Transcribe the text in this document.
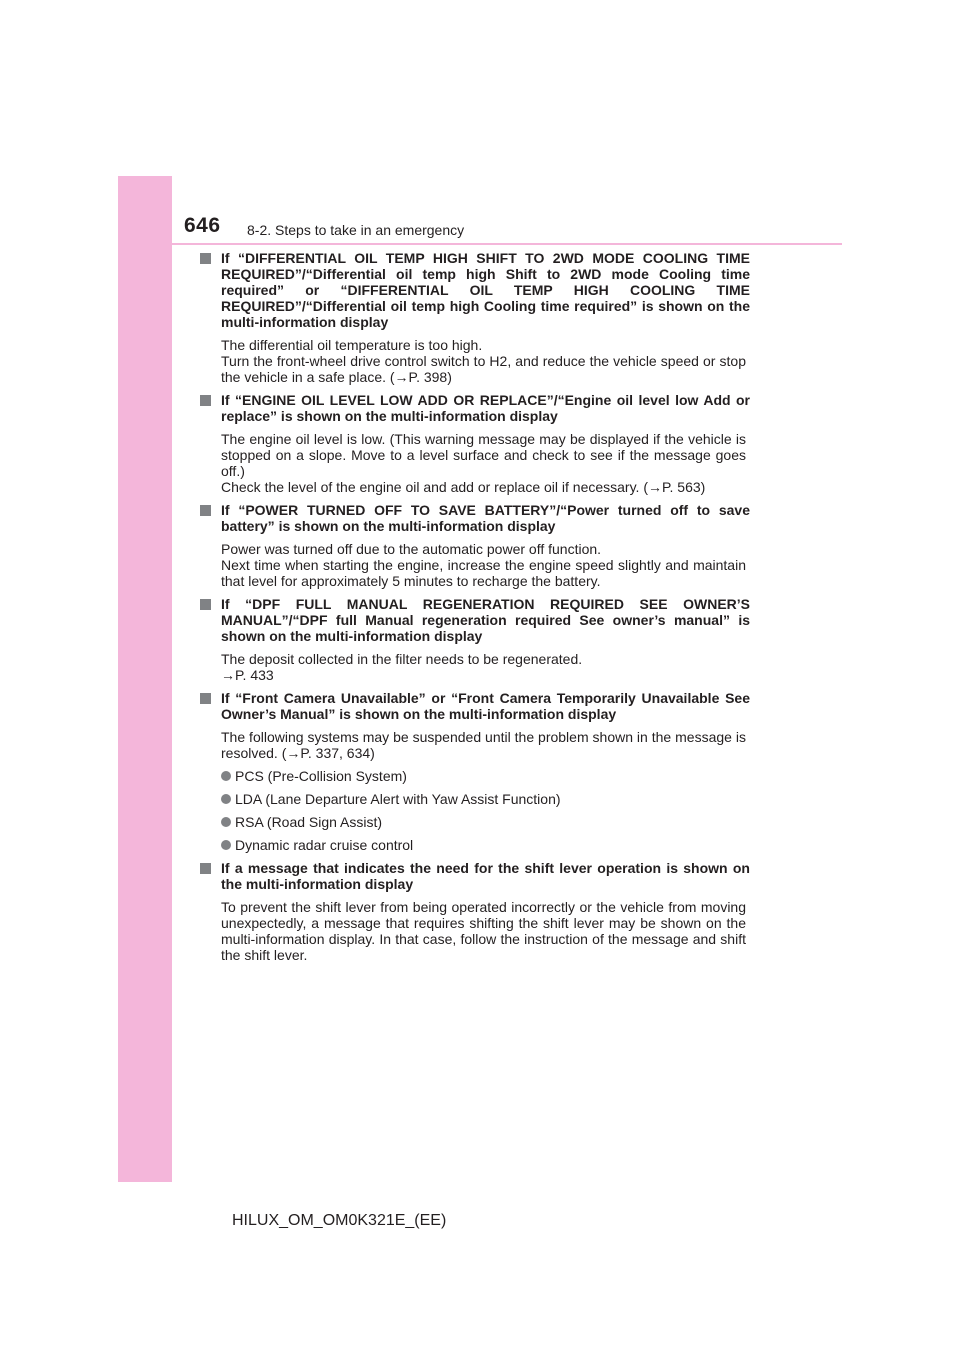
646 8-2. Steps to take in an emergency
If “DIFFERENTIAL OIL TEMP HIGH SHIFT TO 2WD MODE COOLING TIME REQUIRED”/“Differential oil temp high Shift to 2WD mode Cooling time required” or “DIFFERENTIAL OIL TEMP HIGH COOLING TIME REQUIRED”/“Differential oil temp high Cooling time required” is shown on the multi-information display
The differential oil temperature is too high.
Turn the front-wheel drive control switch to H2, and reduce the vehicle speed or stop the vehicle in a safe place. (→P. 398)
If “ENGINE OIL LEVEL LOW ADD OR REPLACE”/“Engine oil level low Add or replace” is shown on the multi-information display
The engine oil level is low. (This warning message may be displayed if the vehicle is stopped on a slope. Move to a level surface and check to see if the message goes off.)
Check the level of the engine oil and add or replace oil if necessary. (→P. 563)
If “POWER TURNED OFF TO SAVE BATTERY”/“Power turned off to save battery” is shown on the multi-information display
Power was turned off due to the automatic power off function.
Next time when starting the engine, increase the engine speed slightly and maintain that level for approximately 5 minutes to recharge the battery.
If “DPF FULL MANUAL REGENERATION REQUIRED SEE OWNER’S MANUAL”/“DPF full Manual regeneration required See owner’s manual” is shown on the multi-information display
The deposit collected in the filter needs to be regenerated.
→P. 433
If “Front Camera Unavailable” or “Front Camera Temporarily Unavailable See Owner’s Manual” is shown on the multi-information display
The following systems may be suspended until the problem shown in the message is resolved. (→P. 337, 634)
PCS (Pre-Collision System)
LDA (Lane Departure Alert with Yaw Assist Function)
RSA (Road Sign Assist)
Dynamic radar cruise control
If a message that indicates the need for the shift lever operation is shown on the multi-information display
To prevent the shift lever from being operated incorrectly or the vehicle from moving unexpectedly, a message that requires shifting the shift lever may be shown on the multi-information display. In that case, follow the instruction of the message and shift the shift lever.
HILUX_OM_OM0K321E_(EE)
